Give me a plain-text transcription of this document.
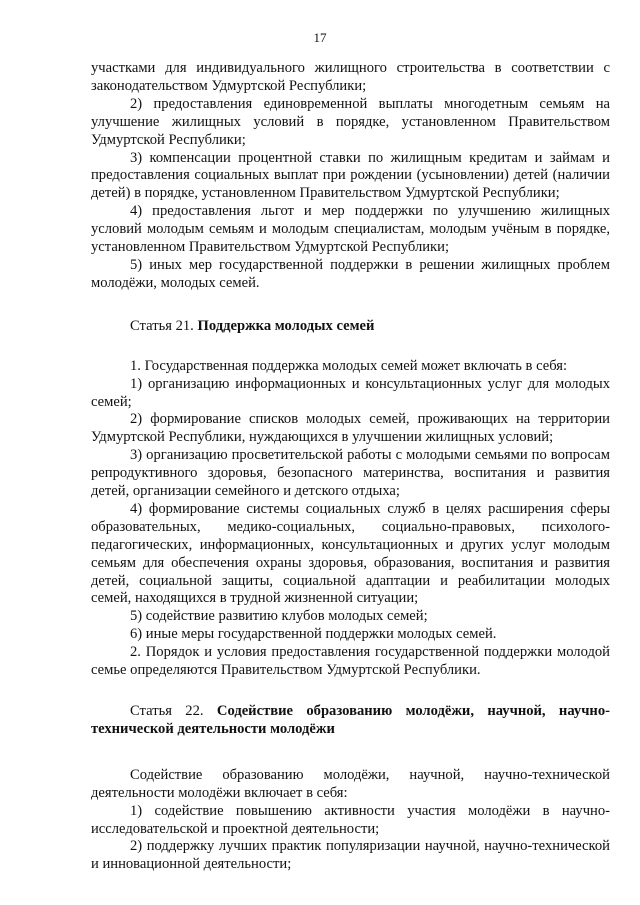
17

участками для индивидуального жилищного строительства в соответствии с законодательством Удмуртской Республики;

2) предоставления единовременной выплаты многодетным семьям на улучшение жилищных условий в порядке, установленном Правительством Удмуртской Республики;

3) компенсации процентной ставки по жилищным кредитам и займам и предоставления социальных выплат при рождении (усыновлении) детей (наличии детей) в порядке, установленном Правительством Удмуртской Республики;

4) предоставления льгот и мер поддержки по улучшению жилищных условий молодым семьям и молодым специалистам, молодым учёным в порядке, установленном Правительством Удмуртской Республики;

5) иных мер государственной поддержки в решении жилищных проблем молодёжи, молодых семей.

Статья 21. Поддержка молодых семей

1. Государственная поддержка молодых семей может включать в себя:

1) организацию информационных и консультационных услуг для молодых семей;

2) формирование списков молодых семей, проживающих на территории Удмуртской Республики, нуждающихся в улучшении жилищных условий;

3) организацию просветительской работы с молодыми семьями по вопросам репродуктивного здоровья, безопасного материнства, воспитания и развития детей, организации семейного и детского отдыха;

4) формирование системы социальных служб в целях расширения сферы образовательных, медико-социальных, социально-правовых, психолого-педагогических, информационных, консультационных и других услуг молодым семьям для обеспечения охраны здоровья, образования, воспитания и развития детей, социальной защиты, социальной адаптации и реабилитации молодых семей, находящихся в трудной жизненной ситуации;

5) содействие развитию клубов молодых семей;

6) иные меры государственной поддержки молодых семей.

2. Порядок и условия предоставления государственной поддержки молодой семье определяются Правительством Удмуртской Республики.

Статья 22. Содействие образованию молодёжи, научной, научно-технической деятельности молодёжи

Содействие образованию молодёжи, научной, научно-технической деятельности молодёжи включает в себя:

1) содействие повышению активности участия молодёжи в научно-исследовательской и проектной деятельности;

2) поддержку лучших практик популяризации научной, научно-технической и инновационной деятельности;
